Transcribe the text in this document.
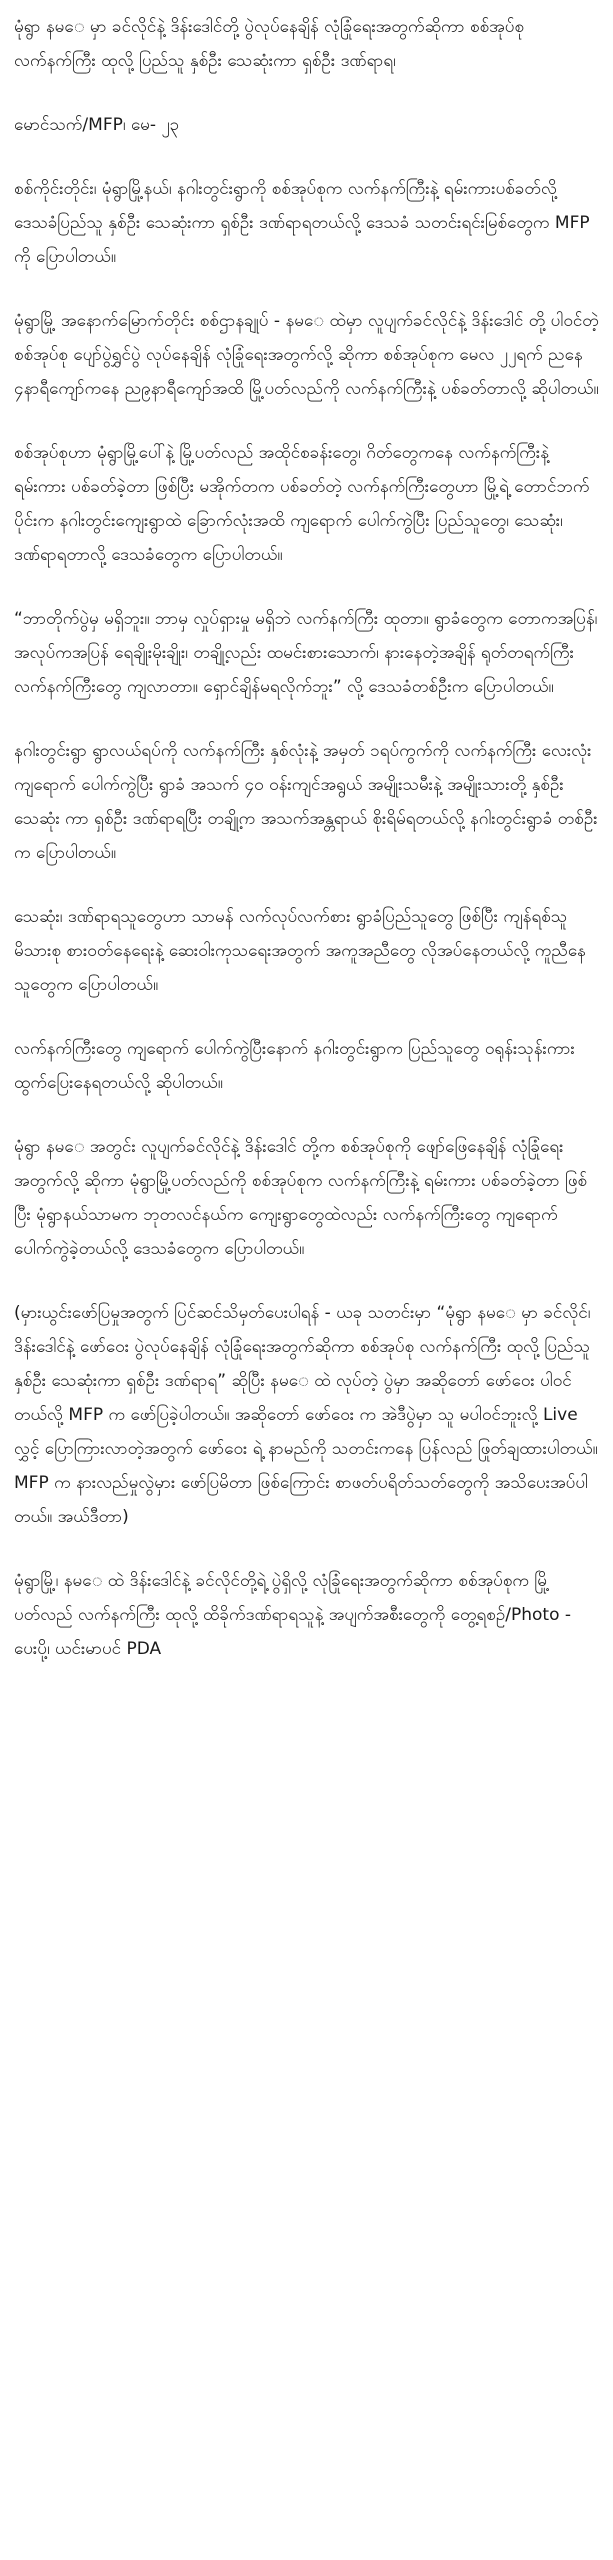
မုံရွာ နမ‌ေ မှာ ခင်လိုင်နဲ့ ဒိန်းဒေါင်တို့ ပွဲလုပ်နေချိန် လုံခြုံရေးအတွက်ဆိုကာ စစ်အုပ်စု လက်နက်ကြီး ထုလို့ ပြည်သူ နှစ်ဦး သေဆုံးကာ ရှစ်ဦး ဒဏ်ရာရ၊

မောင်သက်/MFP၊ မေ- ၂၃

စစ်ကိုင်းတိုင်း၊ မုံရွာမြို့နယ်၊ နဂါးတွင်းရွာကို စစ်အုပ်စုက လက်နက်ကြီးနဲ့ ရမ်းကားပစ်ခတ်လို့ ဒေသခံပြည်သူ နှစ်ဦး သေဆုံးကာ ရှစ်ဦး ဒဏ်ရာရတယ်လို့ ဒေသခံ သတင်းရင်းမြစ်တွေက MFP ကို ပြောပါတယ်။

မုံရွာမြို့ အနောက်မြောက်တိုင်း စစ်ဌာနချုပ် - နမ‌ေ ထဲမှာ လူပျက်ခင်လိုင်နဲ့ ဒိန်းဒေါင် တို့ ပါဝင်တဲ့ စစ်အုပ်စု ပျော်ပွဲရွှင်ပွဲ လုပ်နေချိန် လုံခြုံရေးအတွက်လို့ ဆိုကာ စစ်အုပ်စုက မေလ ၂၂ရက် ညနေ ၄နာရီကျော်ကနေ ည၉နာရီကျော်အထိ မြို့ပတ်လည်ကို လက်နက်ကြီးနဲ့ ပစ်ခတ်တာလို့ ဆိုပါတယ်။

စစ်အုပ်စုဟာ မုံရွာမြို့ပေါ်နဲ့ မြို့ပတ်လည် အထိုင်စခန်းတွေ၊ ဂိတ်တွေကနေ လက်နက်ကြီးနဲ့ ရမ်းကား ပစ်ခတ်ခဲ့တာ ဖြစ်ပြီး မအိုက်တက ပစ်ခတ်တဲ့ လက်နက်ကြီးတွေဟာ မြို့ရဲ့ တောင်ဘက်ပိုင်းက နဂါးတွင်းကျေးရွာထဲ ခြောက်လုံးအထိ ကျရောက် ပေါက်ကွဲပြီး ပြည်သူတွေ၊ သေဆုံး၊ ဒဏ်ရာရတာလို့ ဒေသခံတွေက ပြောပါတယ်။

“ဘာတိုက်ပွဲမှ မရှိဘူး။ ဘာမှ လှုပ်ရှားမှု မရှိဘဲ လက်နက်ကြီး ထုတာ။ ရွာခံတွေက တောကအပြန်၊ အလုပ်ကအပြန် ရေချိုးမိုးချိုး၊ တချို့လည်း ထမင်းစားသောက်၊ နားနေတဲ့အချိန် ရုတ်တရက်ကြီး လက်နက်ကြီးတွေ ကျလာတာ။ ရှောင်ချိန်မရလိုက်ဘူး” လို့ ဒေသခံတစ်ဦးက ပြောပါတယ်။

နဂါးတွင်းရွာ ရွာလယ်ရပ်ကို လက်နက်ကြီး နှစ်လုံးနဲ့ အမှတ် ၁ရပ်ကွက်ကို လက်နက်ကြီး လေးလုံး ကျရောက် ပေါက်ကွဲပြီး ရွာခံ အသက် ၄၀ ဝန်းကျင်အရွယ် အမျိုးသမီးနဲ့ အမျိုးသားတို့ နှစ်ဦး သေဆုံး ကာ ရှစ်ဦး ဒဏ်ရာရပြီး တချို့က အသက်အန္တရာယ် စိုးရိမ်ရတယ်လို့ နဂါးတွင်းရွာခံ တစ်ဦးက ပြောပါတယ်။

သေဆုံး၊ ဒဏ်ရာရသူတွေဟာ သာမန် လက်လုပ်လက်စား ရွာခံပြည်သူတွေ ဖြစ်ပြီး ကျန်ရစ်သူ မိသားစု စားဝတ်နေရေးနဲ့ ဆေးဝါးကုသရေးအတွက် အကူအညီတွေ လိုအပ်နေတယ်လို့ ကူညီနေသူတွေက ပြောပါတယ်။

လက်နက်ကြီးတွေ ကျရောက် ပေါက်ကွဲပြီးနောက် နဂါးတွင်းရွာက ပြည်သူတွေ ဝရုန်းသုန်းကား ထွက်ပြေးနေရတယ်လို့ ဆိုပါတယ်။

မုံရွာ နမ‌ေ အတွင်း လူပျက်ခင်လိုင်နဲ့ ဒိန်းဒေါင် တို့က စစ်အုပ်စုကို ဖျော်ဖြေနေချိန် လုံခြုံရေးအတွက်လို့ ဆိုကာ မုံရွာမြို့ပတ်လည်ကို စစ်အုပ်စုက လက်နက်ကြီးနဲ့ ရမ်းကား ပစ်ခတ်ခဲ့တာ ဖြစ်ပြီး မုံရွာနယ်သာမက ဘုတလင်နယ်က ကျေးရွာတွေထဲလည်း လက်နက်ကြီးတွေ ကျရောက် ပေါက်ကွဲခဲ့တယ်လို့ ဒေသခံတွေက ပြောပါတယ်။

(မှားယွင်းဖော်ပြမှုအတွက် ပြင်ဆင်သိမှတ်ပေးပါရန် - ယခု သတင်းမှာ “မုံရွာ နမ‌ေ မှာ ခင်လိုင်၊ ဒိန်းဒေါင်နဲ့ ဖော်ဝေး ပွဲလုပ်နေချိန် လုံခြုံရေးအတွက်ဆိုကာ စစ်အုပ်စု လက်နက်ကြီး ထုလို့ ပြည်သူ နှစ်ဦး သေဆုံးကာ ရှစ်ဦး ဒဏ်ရာရ” ဆိုပြီး နမ‌ေ ထဲ လုပ်တဲ့ ပွဲမှာ အဆိုတော် ဖော်ဝေး ပါဝင်တယ်လို့ MFP က ဖော်ပြခဲ့ပါတယ်။ အဆိုတော် ဖော်ဝေး က အဲဒီပွဲမှာ သူ မပါဝင်ဘူးလို့ Live လွှင့် ပြောကြားလာတဲ့အတွက် ဖော်ဝေး ရဲ့ နာမည်ကို သတင်းကနေ ပြန်လည် ဖြုတ်ချထားပါတယ်။ MFP က နားလည်မှုလွဲမှား ဖော်ပြမိတာ ဖြစ်ကြောင်း စာဖတ်ပရိတ်သတ်တွေကို အသိပေးအပ်ပါတယ်။ အယ်ဒီတာ)

မုံရွာမြို့၊ နမ‌ေ ထဲ ဒိန်းဒေါင်နဲ့ ခင်လိုင်တို့ရဲ့ ပွဲရှိလို့ လုံခြုံရေးအတွက်ဆိုကာ စစ်အုပ်စုက မြို့ပတ်လည် လက်နက်ကြီး ထုလို့ ထိခိုက်ဒဏ်ရာရသူနဲ့ အပျက်အစီးတွေကို တွေ့ရစဉ်/Photo - ပေးပို့၊ ယင်းမာပင် PDA
